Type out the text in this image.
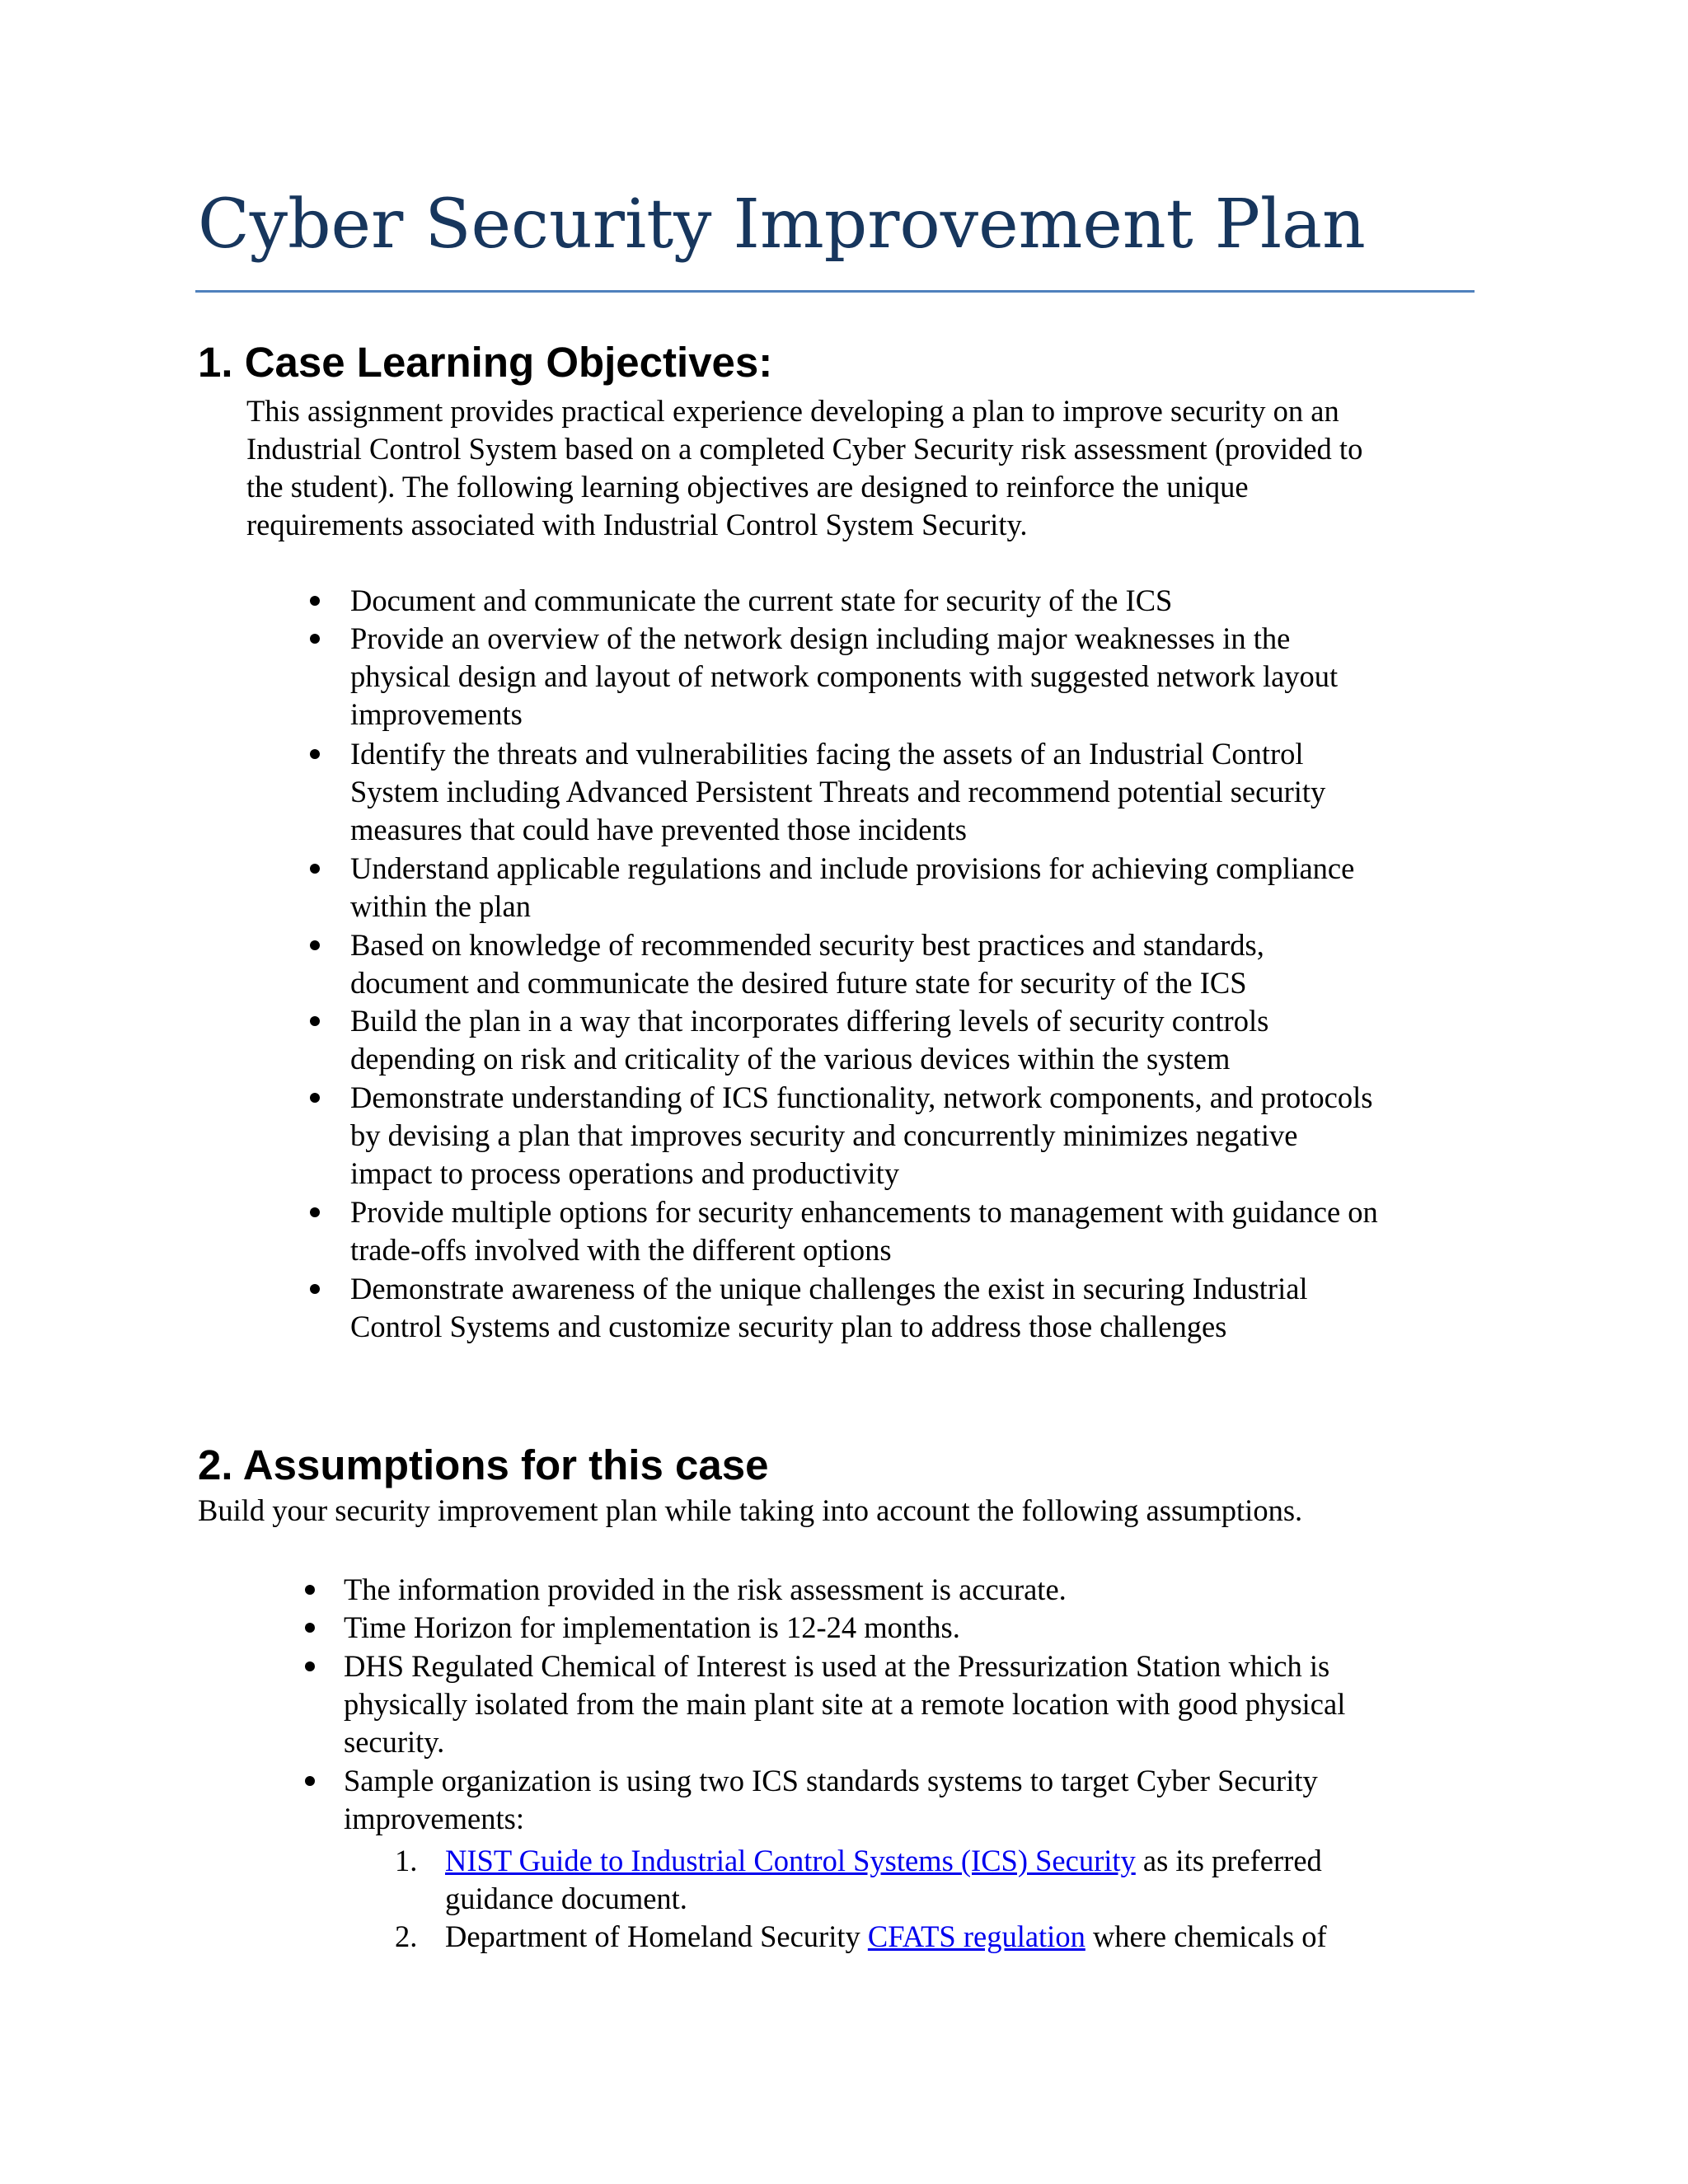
Cyber Security Improvement Plan
1. Case Learning Objectives:
This assignment provides practical experience developing a plan to improve security on an
Industrial Control System based on a completed Cyber Security risk assessment (provided to
the student). The following learning objectives are designed to reinforce the unique
requirements associated with Industrial Control System Security.
Document and communicate the current state for security of the ICS
Provide an overview of the network design including major weaknesses in the
physical design and layout of network components with suggested network layout
improvements
Identify the threats and vulnerabilities facing the assets of an Industrial Control
System including Advanced Persistent Threats and recommend potential security
measures that could have prevented those incidents
Understand applicable regulations and include provisions for achieving compliance
within the plan
Based on knowledge of recommended security best practices and standards,
document and communicate the desired future state for security of the ICS
Build the plan in a way that incorporates differing levels of security controls
depending on risk and criticality of the various devices within the system
Demonstrate understanding of ICS functionality, network components, and protocols
by devising a plan that improves security and concurrently minimizes negative
impact to process operations and productivity
Provide multiple options for security enhancements to management with guidance on
trade-offs involved with the different options
Demonstrate awareness of the unique challenges the exist in securing Industrial
Control Systems and customize security plan to address those challenges
2. Assumptions for this case
Build your security improvement plan while taking into account the following assumptions.
The information provided in the risk assessment is accurate.
Time Horizon for implementation is 12-24 months.
DHS Regulated Chemical of Interest is used at the Pressurization Station which is
physically isolated from the main plant site at a remote location with good physical
security.
Sample organization is using two ICS standards systems to target Cyber Security
improvements:
1. NIST Guide to Industrial Control Systems (ICS) Security as its preferred
guidance document.
2. Department of Homeland Security CFATS regulation where chemicals of
